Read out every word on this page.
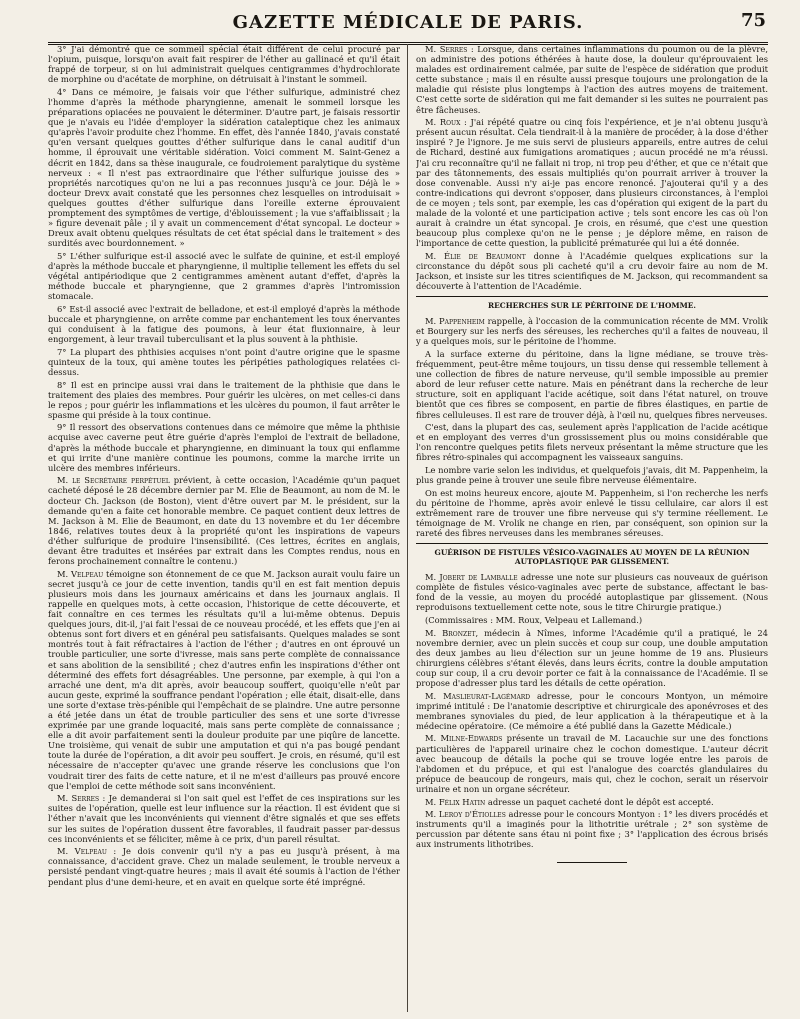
GAZETTE MÉDICALE DE PARIS.	75

3° J'ai démontré que ce sommeil spécial était différent de celui procuré par l'opium, puisque, lorsqu'on avait fait respirer de l'éther au gallinacé et qu'il était frappé de torpeur, si on lui administrait quelques centigrammes d'hydrochlorate de morphine ou d'acétate de morphine, on détruisait à l'instant le sommeil.

4° Dans ce mémoire, je faisais voir que l'éther sulfurique, administré chez l'homme d'après la méthode pharyngienne, amenait le sommeil lorsque les préparations opiacées ne pouvaient le déterminer. D'autre part, je faisais ressortir que je n'avais eu l'idée d'employer la sidération cataleptique chez les animaux qu'après l'avoir produite chez l'homme. En effet, dès l'année 1840, j'avais constaté qu'en versant quelques gouttes d'éther sulfurique dans le canal auditif d'un homme, il éprouvait une véritable sidération. Voici comment M. Saint-Genez a décrit en 1842, dans sa thèse inaugurale, ce foudroiement paralytique du système nerveux : « Il n'est pas extraordinaire que l'éther sulfurique jouisse des » propriétés narcotiques qu'on ne lui a pas reconnues jusqu'à ce jour. Déjà le » docteur Drevx avait constaté que les personnes chez lesquelles on introduisait » quelques gouttes d'éther sulfurique dans l'oreille externe éprouvaient promptement des symptômes de vertige, d'éblouissement ; la vue s'affaiblissait ; la » figure devenait pâle ; il y avait un commencement d'état syncopal. Le docteur » Dreux avait obtenu quelques résultats de cet état spécial dans le traitement » des surdités avec bourdonnement. »

5° L'éther sulfurique est-il associé avec le sulfate de quinine, et est-il employé d'après la méthode buccale et pharyngienne, il multiplie tellement les effets du sel végétal antipériodique que 2 centigrammes amènent autant d'effet, d'après la méthode buccale et pharyngienne, que 2 grammes d'après l'intromission stomacale.

6° Est-il associé avec l'extrait de belladone, et est-il employé d'après la méthode buccale et pharyngienne, on arrête comme par enchantement les toux énervantes qui conduisent à la fatigue des poumons, à leur état fluxionnaire, à leur engorgement, à leur travail tuberculisant et la plus souvent à la phthisie.

7° La plupart des phthisies acquises n'ont point d'autre origine que le spasme quinteux de la toux, qui amène toutes les péripéties pathologiques relatées ci-dessus.

8° Il est en principe aussi vrai dans le traitement de la phthisie que dans le traitement des plaies des membres. Pour guérir les ulcères, on met celles-ci dans le repos ; pour guérir les inflammations et les ulcères du poumon, il faut arrêter le spasme qui préside à la toux continue.

9° Il ressort des observations contenues dans ce mémoire que même la phthisie acquise avec caverne peut être guérie d'après l'emploi de l'extrait de belladone, d'après la méthode buccale et pharyngienne, en diminuant la toux qui enflamme et qui irrite d'une manière continue les poumons, comme la marche irrite un ulcère des membres inférieurs.

M. le Secrétaire perpétuel prévient, à cette occasion, l'Académie qu'un paquet cacheté déposé le 28 décembre dernier par M. Elie de Beaumont, au nom de M. le docteur Ch. Jackson (de Boston), vient d'être ouvert par M. le président, sur la demande qu'en a faite cet honorable membre. Ce paquet contient deux lettres de M. Jackson à M. Elie de Beaumont, en date du 13 novembre et du 1er décembre 1846, relatives toutes deux à la propriété qu'ont les inspirations de vapeurs d'éther sulfurique de produire l'insensibilité. (Ces lettres, écrites en anglais, devant être traduites et insérées par extrait dans les Comptes rendus, nous en ferons prochainement connaître le contenu.)

M. Velpeau témoigne son étonnement de ce que M. Jackson aurait voulu faire un secret jusqu'à ce jour de cette invention, tandis qu'il en est fait mention depuis plusieurs mois dans les journaux américains et dans les journaux anglais. Il rappelle en quelques mots, à cette occasion, l'historique de cette découverte, et fait connaître en ces termes les résultats qu'il a lui-même obtenus. Depuis quelques jours, dit-il, j'ai fait l'essai de ce nouveau procédé, et les effets que j'en ai obtenus sont fort divers et en général peu satisfaisants. Quelques malades se sont montrés tout à fait réfractaires à l'action de l'éther ; d'autres en ont éprouvé un trouble particulier, une sorte d'ivresse, mais sans perte complète de connaissance et sans abolition de la sensibilité ; chez d'autres enfin les inspirations d'éther ont déterminé des effets fort désagréables. Une personne, par exemple, à qui l'on a arraché une dent, m'a dit après, avoir beaucoup souffert, quoiqu'elle n'eût par aucun geste, exprimé la souffrance pendant l'opération ; elle était, disait-elle, dans une sorte d'extase très-pénible qui l'empêchait de se plaindre. Une autre personne a été jetée dans un état de trouble particulier des sens et une sorte d'ivresse exprimée par une grande loquacité, mais sans perte complète de connaissance ; elle a dit avoir parfaitement senti la douleur produite par une piqûre de lancette. Une troisième, qui venait de subir une amputation et qui n'a pas bougé pendant toute la durée de l'opération, a dit avoir peu souffert. Je crois, en résumé, qu'il est nécessaire de n'accepter qu'avec une grande réserve les conclusions que l'on voudrait tirer des faits de cette nature, et il ne m'est d'ailleurs pas prouvé encore que l'emploi de cette méthode soit sans inconvénient.

M. Serres : Je demanderai si l'on sait quel est l'effet de ces inspirations sur les suites de l'opération, quelle est leur influence sur la réaction. Il est évident que si l'éther n'avait que les inconvénients qui viennent d'être signalés et que ses effets sur les suites de l'opération dussent être favorables, il faudrait passer par-dessus ces inconvénients et se féliciter, même à ce prix, d'un pareil résultat.

M. Velpeau : Je dois convenir qu'il n'y a pas eu jusqu'à présent, à ma connaissance, d'accident grave. Chez un malade seulement, le trouble nerveux a persisté pendant vingt-quatre heures ; mais il avait été soumis à l'action de l'éther pendant plus d'une demi-heure, et en avait en quelque sorte été imprégné.

M. Serres : Lorsque, dans certaines inflammations du poumon ou de la plèvre, on administre des potions éthérées à haute dose, la douleur qu'éprouvaient les malades est ordinairement calmée, par suite de l'espèce de sidération que produit cette substance ; mais il en résulte aussi presque toujours une prolongation de la maladie qui résiste plus longtemps à l'action des autres moyens de traitement. C'est cette sorte de sidération qui me fait demander si les suites ne pourraient pas être fâcheuses.

M. Roux : J'ai répété quatre ou cinq fois l'expérience, et je n'ai obtenu jusqu'à présent aucun résultat. Cela tiendrait-il à la manière de procéder, à la dose d'éther inspiré ? Je l'ignore. Je me suis servi de plusieurs appareils, entre autres de celui de Richard, destiné aux fumigations aromatiques ; aucun procédé ne m'a réussi. J'ai cru reconnaître qu'il ne fallait ni trop, ni trop peu d'éther, et que ce n'était que par des tâtonnements, des essais multipliés qu'on pourrait arriver à trouver la dose convenable. Aussi n'y ai-je pas encore renoncé. J'ajouterai qu'il y a des contre-indications qui devront s'opposer, dans plusieurs circonstances, à l'emploi de ce moyen ; tels sont, par exemple, les cas d'opération qui exigent de la part du malade de la volonté et une participation active ; tels sont encore les cas où l'on aurait à craindre un état syncopal. Je crois, en résumé, que c'est une question beaucoup plus complexe qu'on ne le pense ; je déplore même, en raison de l'importance de cette question, la publicité prématurée qui lui a été donnée.

M. Élie de Beaumont donne à l'Académie quelques explications sur la circonstance du dépôt sous pli cacheté qu'il a cru devoir faire au nom de M. Jackson, et insiste sur les titres scientifiques de M. Jackson, qui recommandent sa découverte à l'attention de l'Académie.

RECHERCHES SUR LE PÉRITOINE DE L'HOMME.

M. Pappenheim rappelle, à l'occasion de la communication récente de MM. Vrolik et Bourgery sur les nerfs des séreuses, les recherches qu'il a faites de nouveau, il y a quelques mois, sur le péritoine de l'homme.

A la surface externe du péritoine, dans la ligne médiane, se trouve très-fréquemment, peut-être même toujours, un tissu dense qui ressemble tellement à une collection de fibres de nature nerveuse, qu'il semble impossible au premier abord de leur refuser cette nature. Mais en pénétrant dans la recherche de leur structure, soit en appliquant l'acide acétique, soit dans l'état naturel, on trouve bientôt que ces fibres se composent, en partie de fibres élastiques, en partie de fibres celluleuses. Il est rare de trouver déjà, à l'œil nu, quelques fibres nerveuses.

C'est, dans la plupart des cas, seulement après l'application de l'acide acétique et en employant des verres d'un grossissement plus ou moins considérable que l'on rencontre quelques petits filets nerveux présentant la même structure que les fibres rétro-spinales qui accompagnent les vaisseaux sanguins.

Le nombre varie selon les individus, et quelquefois j'avais, dit M. Pappenheim, la plus grande peine à trouver une seule fibre nerveuse élémentaire.

On est moins heureux encore, ajoute M. Pappenheim, si l'on recherche les nerfs du péritoine de l'homme, après avoir enlevé le tissu cellulaire, car alors il est extrêmement rare de trouver une fibre nerveuse qui s'y termine réellement. Le témoignage de M. Vrolik ne change en rien, par conséquent, son opinion sur la rareté des fibres nerveuses dans les membranes séreuses.

GUÉRISON DE FISTULES VÉSICO-VAGINALES AU MOYEN DE LA RÉUNION AUTOPLASTIQUE PAR GLISSEMENT.

M. Jobert de Lamballe adresse une note sur plusieurs cas nouveaux de guérison complète de fistules vésico-vaginales avec perte de substance, affectant le bas-fond de la vessie, au moyen du procédé autoplastique par glissement. (Nous reproduisons textuellement cette note, sous le titre Chirurgie pratique.)

(Commissaires : MM. Roux, Velpeau et Lallemand.)

M. Bronzet, médecin à Nîmes, informe l'Académie qu'il a pratiqué, le 24 novembre dernier, avec un plein succès et coup sur coup, une double amputation des deux jambes au lieu d'élection sur un jeune homme de 19 ans. Plusieurs chirurgiens célèbres s'étant élevés, dans leurs écrits, contre la double amputation coup sur coup, il a cru devoir porter ce fait à la connaissance de l'Académie. Il se propose d'adresser plus tard les détails de cette opération.

M. Maslieurat-Lagémard adresse, pour le concours Montyon, un mémoire imprimé intitulé : De l'anatomie descriptive et chirurgicale des aponévroses et des membranes synoviales du pied, de leur application à la thérapeutique et à la médecine opératoire. (Ce mémoire a été publié dans la Gazette Médicale.)

M. Milne-Edwards présente un travail de M. Lacauchie sur une des fonctions particulières de l'appareil urinaire chez le cochon domestique. L'auteur décrit avec beaucoup de détails la poche qui se trouve logée entre les parois de l'abdomen et du prépuce, et qui est l'analogue des coarctés glandulaires du prépuce de beaucoup de rongeurs, mais qui, chez le cochon, serait un réservoir urinaire et non un organe sécréteur.

M. Félix Hatin adresse un paquet cacheté dont le dépôt est accepté.

M. Leroy d'Étiolles adresse pour le concours Montyon : 1° les divers procédés et instruments qu'il a imaginés pour la lithotritie urétrale ; 2° son système de percussion par détente sans étau ni point fixe ; 3° l'application des écrous brisés aux instruments lithotribes.
